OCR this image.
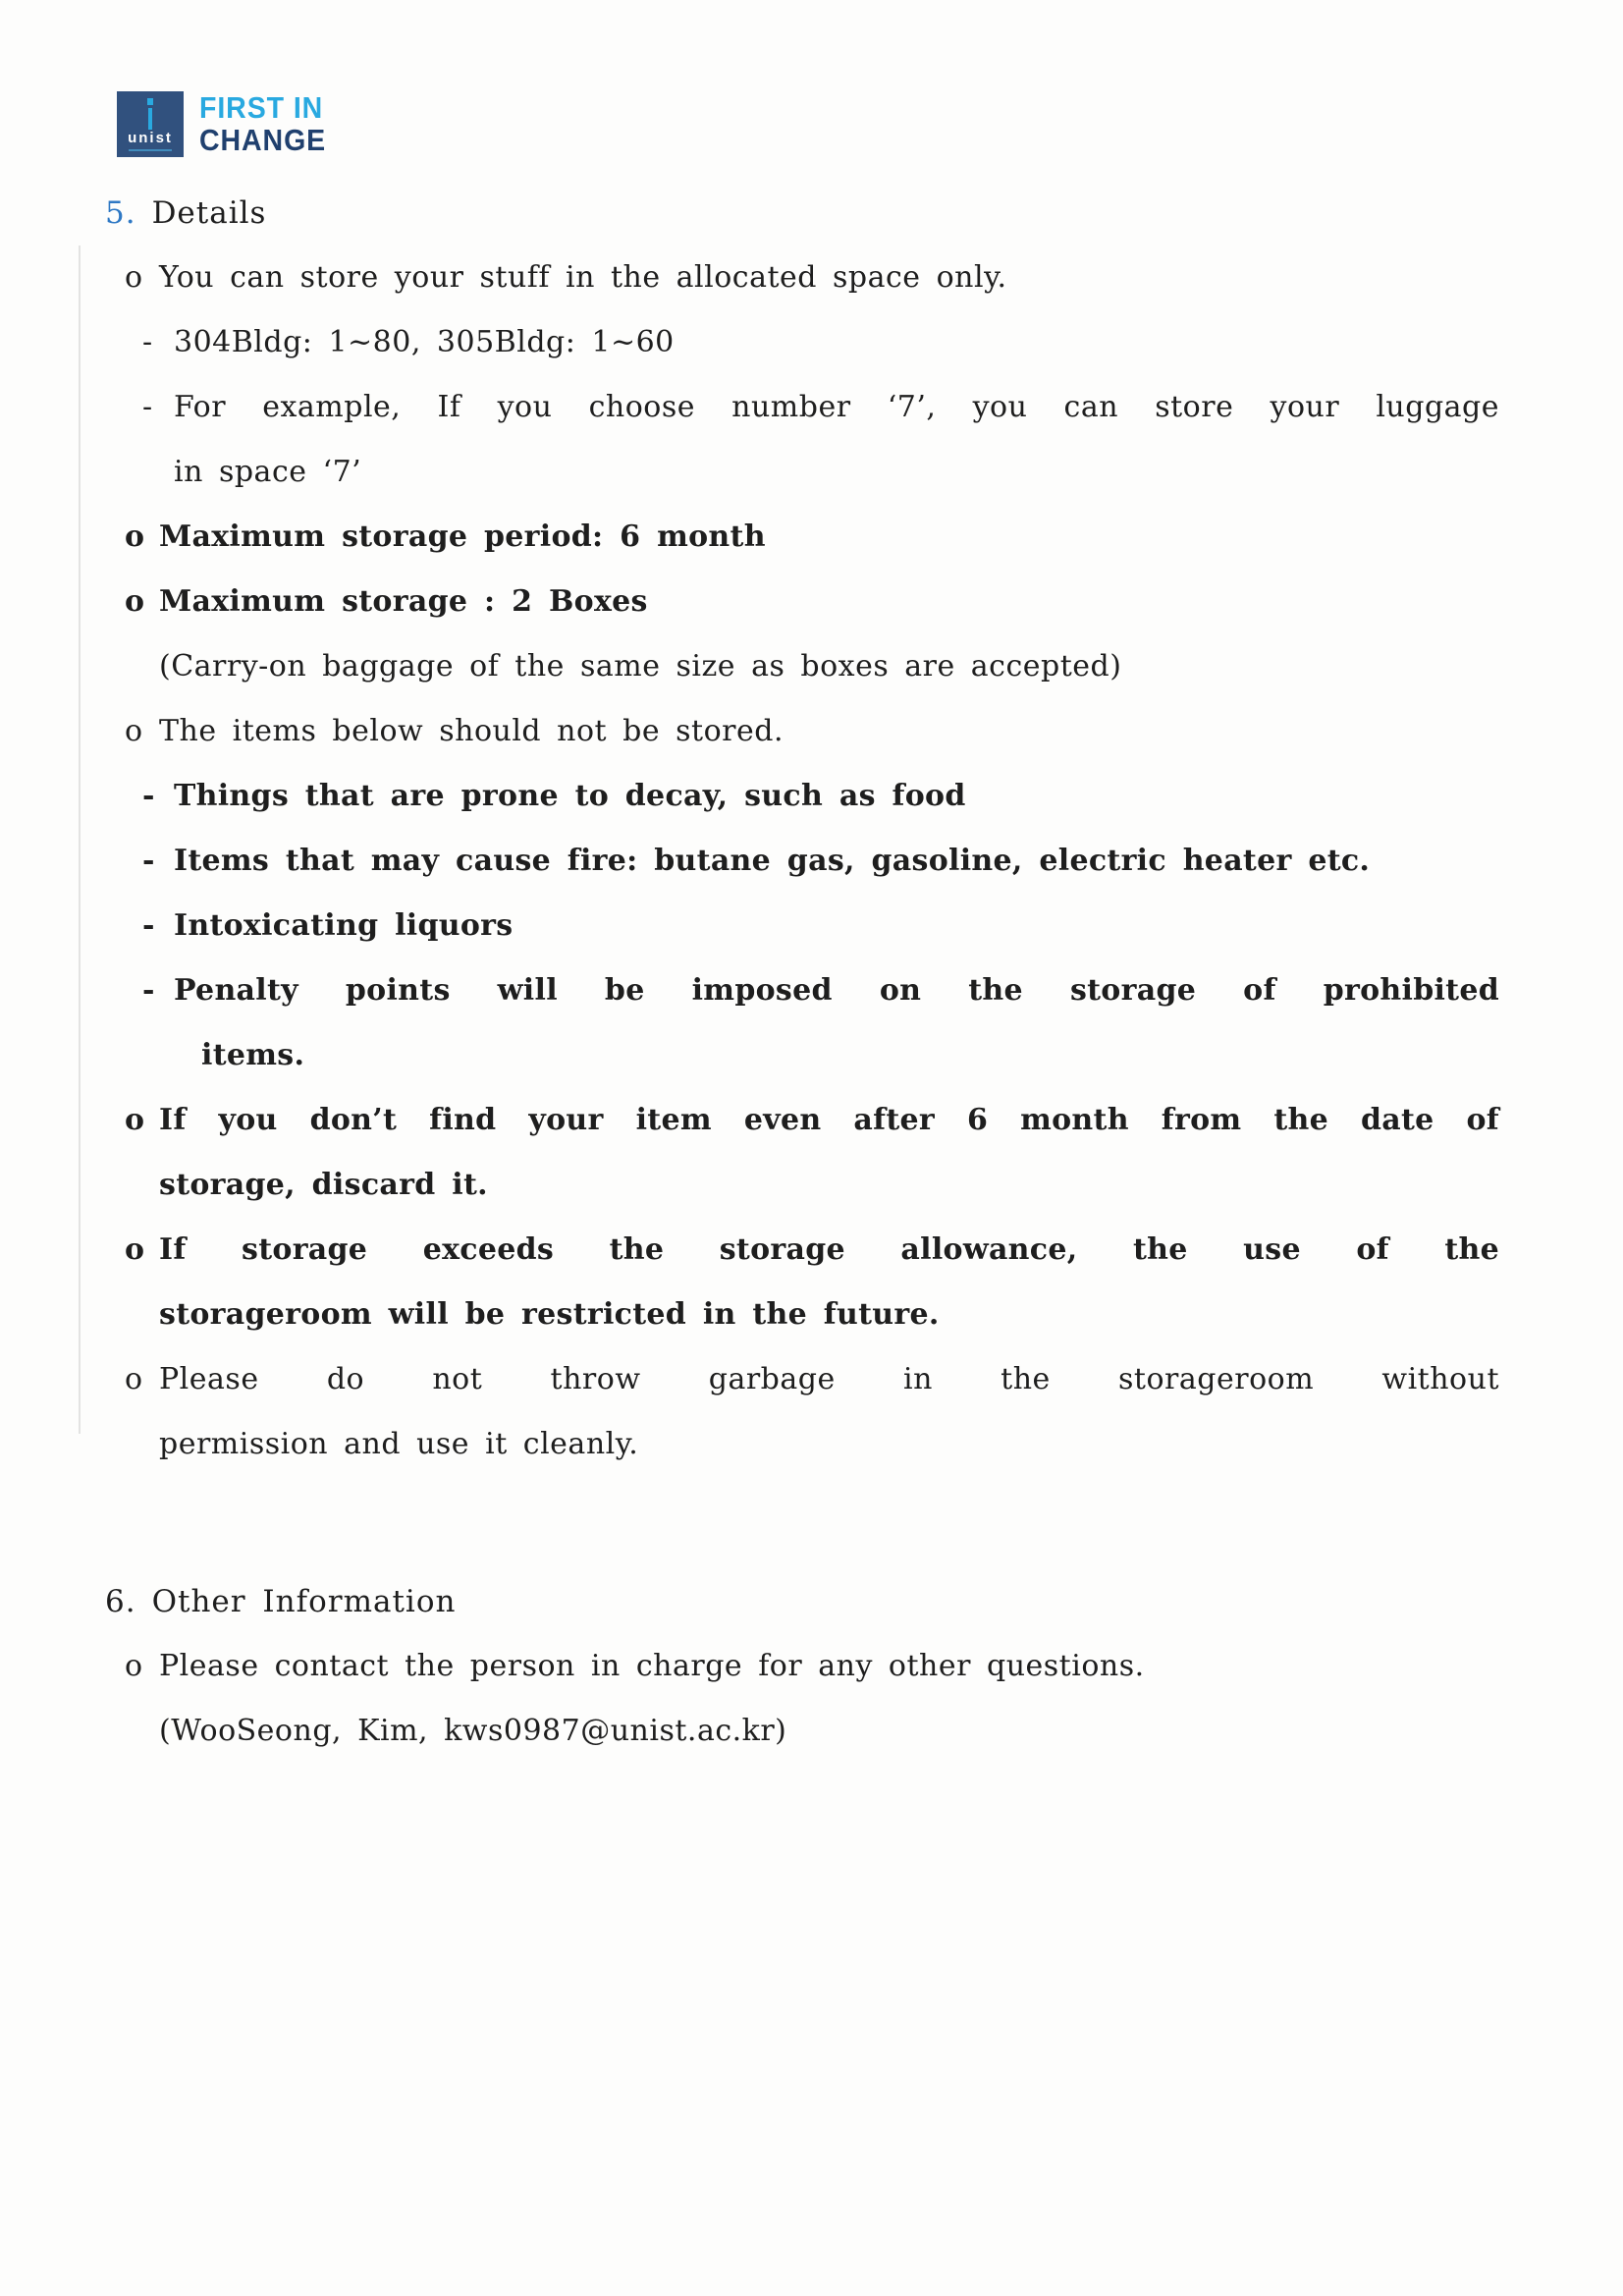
unist
FIRST IN
CHANGE
5. Details
o You can store your stuff in the allocated space only.
- 304Bldg: 1~80, 305Bldg: 1~60
- For example, If you choose number ‘7’, you can store your luggage
in space ‘7’
o Maximum storage period: 6 month
o Maximum storage : 2 Boxes
(Carry-on baggage of the same size as boxes are accepted)
o The items below should not be stored.
- Things that are prone to decay, such as food
- Items that may cause fire: butane gas, gasoline, electric heater etc.
- Intoxicating liquors
- Penalty points will be imposed on the storage of prohibited
items.
o If you don’t find your item even after 6 month from the date of
storage, discard it.
o If storage exceeds the storage allowance, the use of the
storageroom will be restricted in the future.
o Please do not throw garbage in the storageroom without
permission and use it cleanly.
6. Other Information
o Please contact the person in charge for any other questions.
(WooSeong, Kim, kws0987@unist.ac.kr)
